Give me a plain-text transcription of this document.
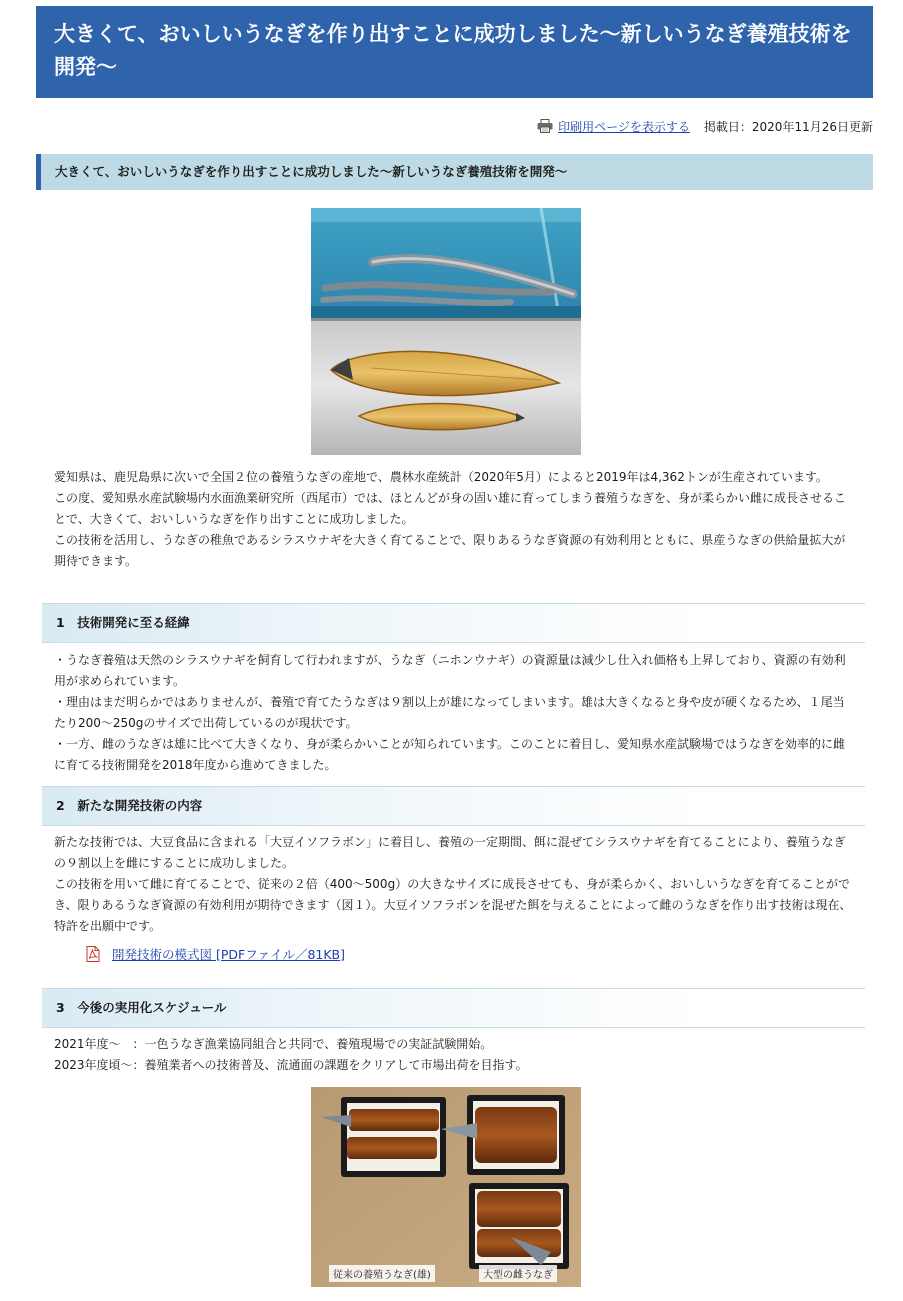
大きくて、おいしいうなぎを作り出すことに成功しました～新しいうなぎ養殖技術を開発～
印刷用ページを表示する 掲載日：2020年11月26日更新
大きくて、おいしいうなぎを作り出すことに成功しました～新しいうなぎ養殖技術を開発～

愛知県は、鹿児島県に次いで全国２位の養殖うなぎの産地で、農林水産統計（2020年5月）によると2019年は4,362トンが生産されています。

この度、愛知県水産試験場内水面漁業研究所（西尾市）では、ほとんどが身の固い雄に育ってしまう養殖うなぎを、身が柔らかい雌に成長させることで、大きくて、おいしいうなぎを作り出すことに成功しました。

この技術を活用し、うなぎの稚魚であるシラスウナギを大きく育てることで、限りあるうなぎ資源の有効利用とともに、県産うなぎの供給量拡大が期待できます。

1　技術開発に至る経緯

・うなぎ養殖は天然のシラスウナギを飼育して行われますが、うなぎ（ニホンウナギ）の資源量は減少し仕入れ価格も上昇しており、資源の有効利用が求められています。

・理由はまだ明らかではありませんが、養殖で育てたうなぎは９割以上が雄になってしまいます。雄は大きくなると身や皮が硬くなるため、１尾当たり200～250gのサイズで出荷しているのが現状です。

・一方、雌のうなぎは雄に比べて大きくなり、身が柔らかいことが知られています。このことに着目し、愛知県水産試験場ではうなぎを効率的に雌に育てる技術開発を2018年度から進めてきました。

2　新たな開発技術の内容

新たな技術では、大豆食品に含まれる「大豆イソフラボン」に着目し、養殖の一定期間、餌に混ぜてシラスウナギを育てることにより、養殖うなぎの９割以上を雌にすることに成功しました。

この技術を用いて雌に育てることで、従来の２倍（400～500g）の大きなサイズに成長させても、身が柔らかく、おいしいうなぎを育てることができ、限りあるうなぎ資源の有効利用が期待できます（図１）。大豆イソフラボンを混ぜた餌を与えることによって雌のうなぎを作り出す技術は現在、特許を出願中です。

開発技術の模式図 [PDFファイル／81KB]
3　今後の実用化スケジュール

2021年度～　：一色うなぎ漁業協同組合と共同で、養殖現場での実証試験開始。

2023年度頃～：養殖業者への技術普及、流通面の課題をクリアして市場出荷を目指す。

従来の養殖うなぎ(雄)	大型の雌うなぎ
